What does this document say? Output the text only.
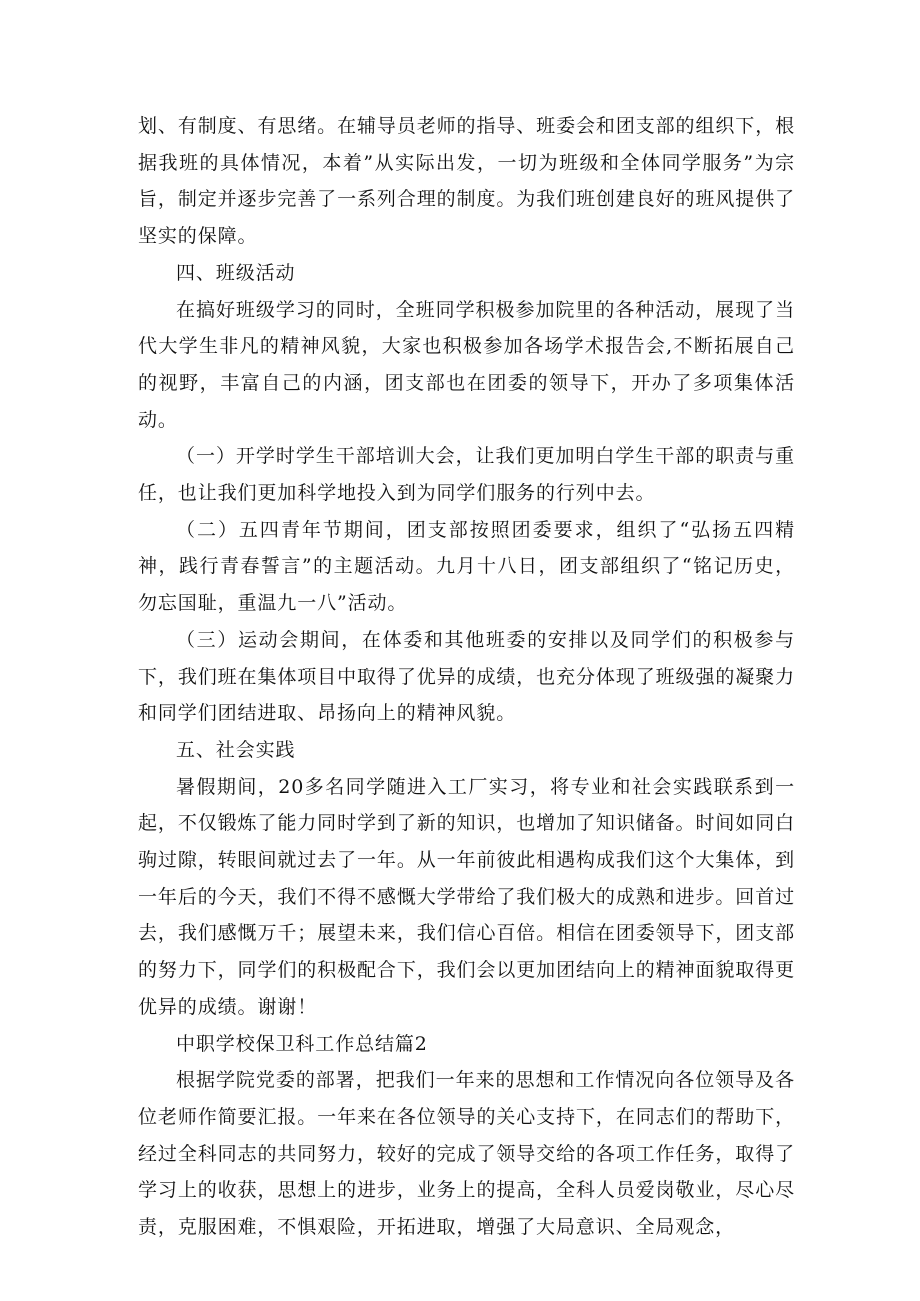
划、有制度、有思绪。在辅导员老师的指导、班委会和团支部的组织下，根据我班的具体情况，本着”从实际出发，一切为班级和全体同学服务”为宗旨，制定并逐步完善了一系列合理的制度。为我们班创建良好的班风提供了坚实的保障。

四、班级活动

在搞好班级学习的同时，全班同学积极参加院里的各种活动，展现了当代大学生非凡的精神风貌，大家也积极参加各场学术报告会,不断拓展自己的视野，丰富自己的内涵，团支部也在团委的领导下，开办了多项集体活动。

（一）开学时学生干部培训大会，让我们更加明白学生干部的职责与重任，也让我们更加科学地投入到为同学们服务的行列中去。

（二）五四青年节期间，团支部按照团委要求，组织了“弘扬五四精神，践行青春誓言”的主题活动。九月十八日，团支部组织了“铭记历史，勿忘国耻，重温九一八”活动。

（三）运动会期间，在体委和其他班委的安排以及同学们的积极参与下，我们班在集体项目中取得了优异的成绩，也充分体现了班级强的凝聚力和同学们团结进取、昂扬向上的精神风貌。

五、社会实践

暑假期间，20多名同学随进入工厂实习，将专业和社会实践联系到一起，不仅锻炼了能力同时学到了新的知识，也增加了知识储备。时间如同白驹过隙，转眼间就过去了一年。从一年前彼此相遇构成我们这个大集体，到一年后的今天，我们不得不感慨大学带给了我们极大的成熟和进步。回首过去，我们感慨万千；展望未来，我们信心百倍。相信在团委领导下，团支部的努力下，同学们的积极配合下，我们会以更加团结向上的精神面貌取得更优异的成绩。谢谢！

中职学校保卫科工作总结篇2

根据学院党委的部署，把我们一年来的思想和工作情况向各位领导及各位老师作简要汇报。一年来在各位领导的关心支持下，在同志们的帮助下，经过全科同志的共同努力，较好的完成了领导交给的各项工作任务，取得了学习上的收获，思想上的进步，业务上的提高，全科人员爱岗敬业，尽心尽责，克服困难，不惧艰险，开拓进取，增强了大局意识、全局观念，
